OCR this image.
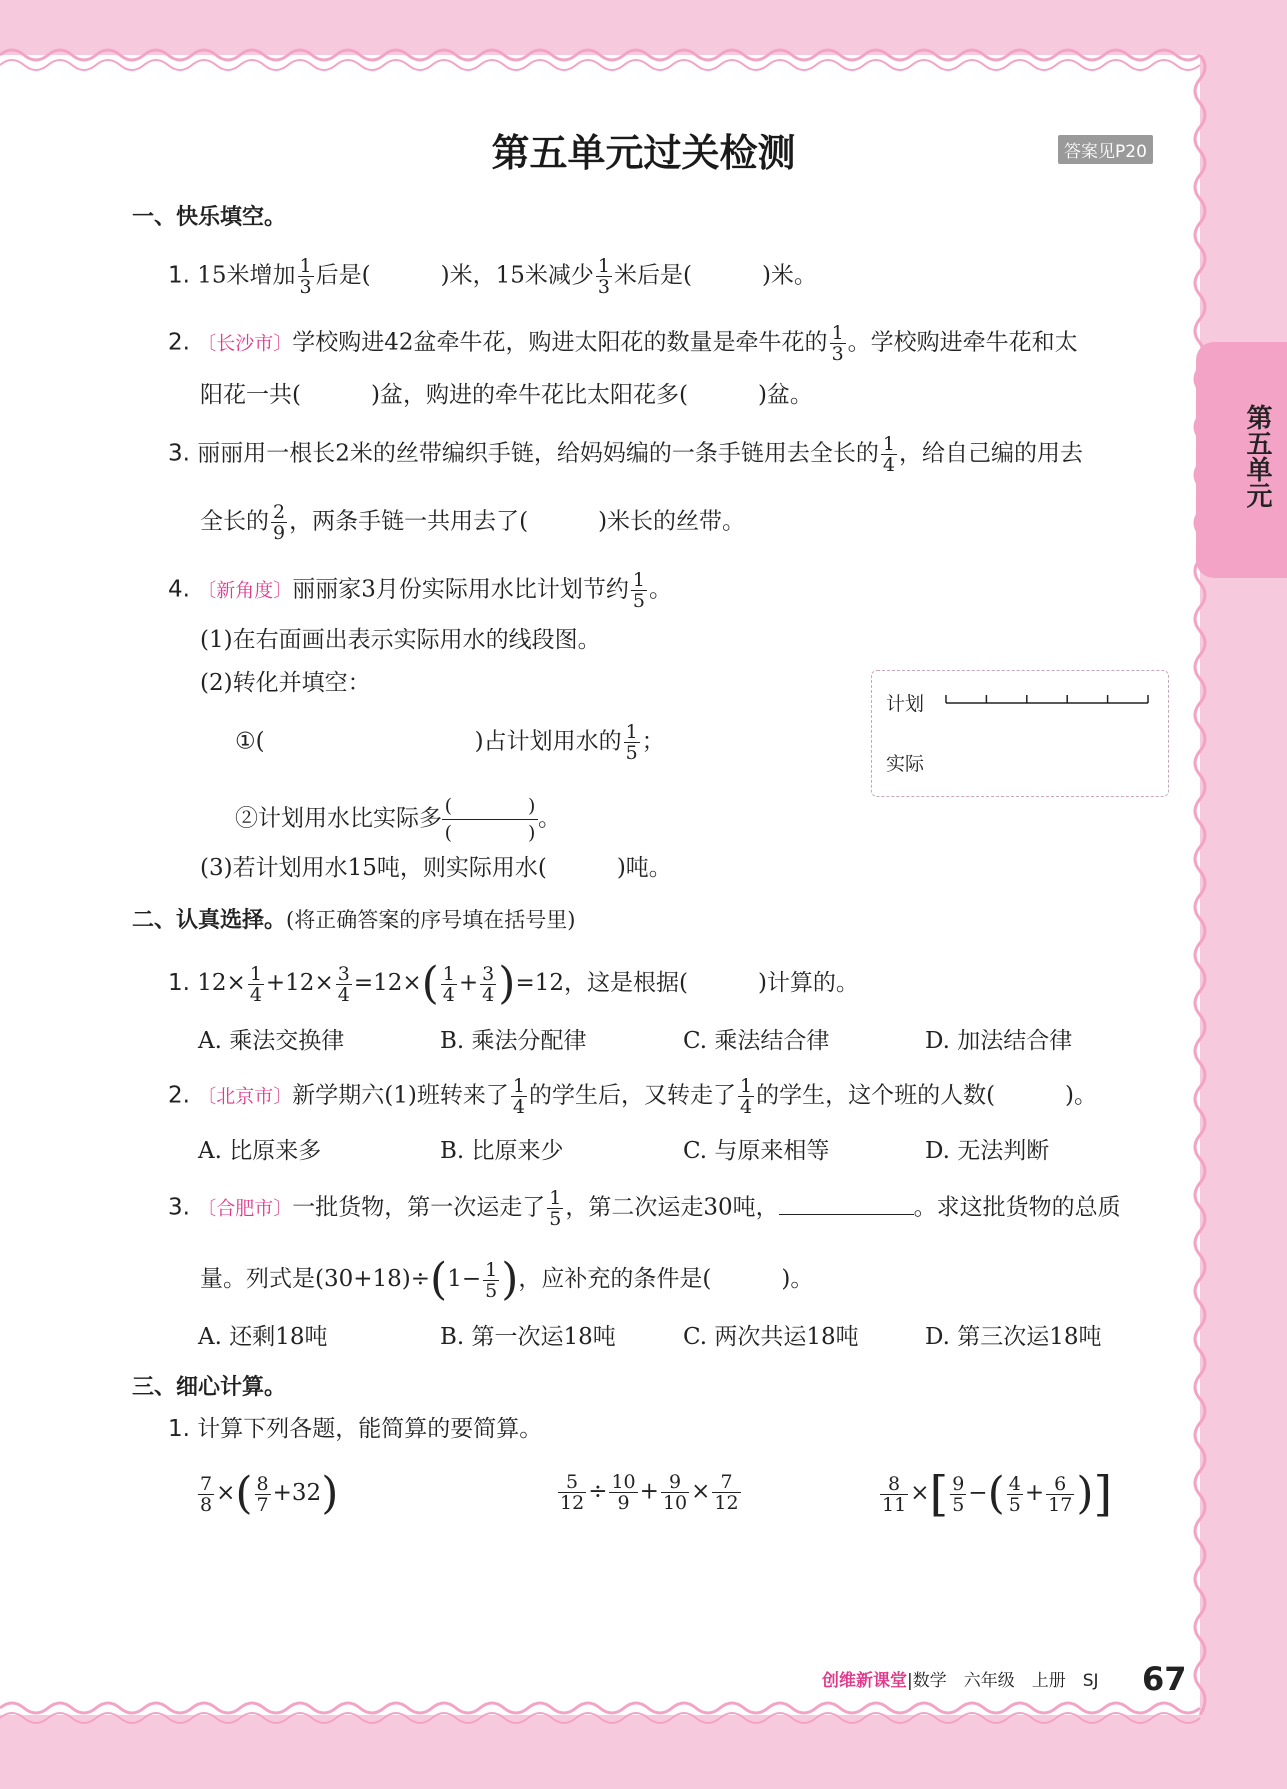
第五单元过关检测	答案见P20
第五单元
一、快乐填空。
1. 15米增加 $\frac{1}{3}$ 后是(	)米，15米减少 $\frac{1}{3}$ 米后是(	)米。
2. 〔长沙市〕学校购进42盆牵牛花，购进太阳花的数量是牵牛花的 $\frac{1}{3}$ 。学校购进牵牛花和太
阳花一共(	)盆，购进的牵牛花比太阳花多(	)盆。
3. 丽丽用一根长2米的丝带编织手链，给妈妈编的一条手链用去全长的 $\frac{1}{4}$ ，给自己编的用去
全长的 $\frac{2}{9}$ ，两条手链一共用去了(	)米长的丝带。
4. 〔新角度〕丽丽家3月份实际用水比计划节约 $\frac{1}{5}$ 。
(1)在右面画出表示实际用水的线段图。
(2)转化并填空：
①(	)占计划用水的 $\frac{1}{5}$ ；
②计划用水比实际多 $\frac{( )}{( )}$。
(3)若计划用水15吨，则实际用水(	)吨。
计划
实际
二、认真选择。(将正确答案的序号填在括号里)
1. $12\times \frac{1}{4} +12\times \frac{3}{4} =12\times( \frac{1}{4} + \frac{3}{4} )=12$，这是根据(	)计算的。
A. 乘法交换律	B. 乘法分配律	C. 乘法结合律	D. 加法结合律
2. 〔北京市〕新学期六(1)班转来了 $\frac{1}{4}$ 的学生后，又转走了 $\frac{1}{4}$ 的学生，这个班的人数(	)。
A. 比原来多	B. 比原来少	C. 与原来相等	D. 无法判断
3. 〔合肥市〕一批货物，第一次运走了 $\frac{1}{5}$ ，第二次运走30吨，	。求这批货物的总质
量。列式是$(30+18)\div(1- \frac{1}{5}$ )，应补充的条件是(	)。
A. 还剩18吨	B. 第一次运18吨	C. 两次共运18吨	D. 第三次运18吨
三、细心计算。
1. 计算下列各题，能简算的要简算。
$\frac{7}{8}$ ×( $\frac{8}{7} +32$)	$\frac{5}{12} \div \frac{10}{9} + \frac{9}{10} \times \frac{7}{12}$	$\frac{8}{11}$ ×[ $\frac{9}{5}$ −( $\frac{4}{5} + \frac{6}{17}$ )]
创维新课堂|数学　六年级　上册　SJ 67
